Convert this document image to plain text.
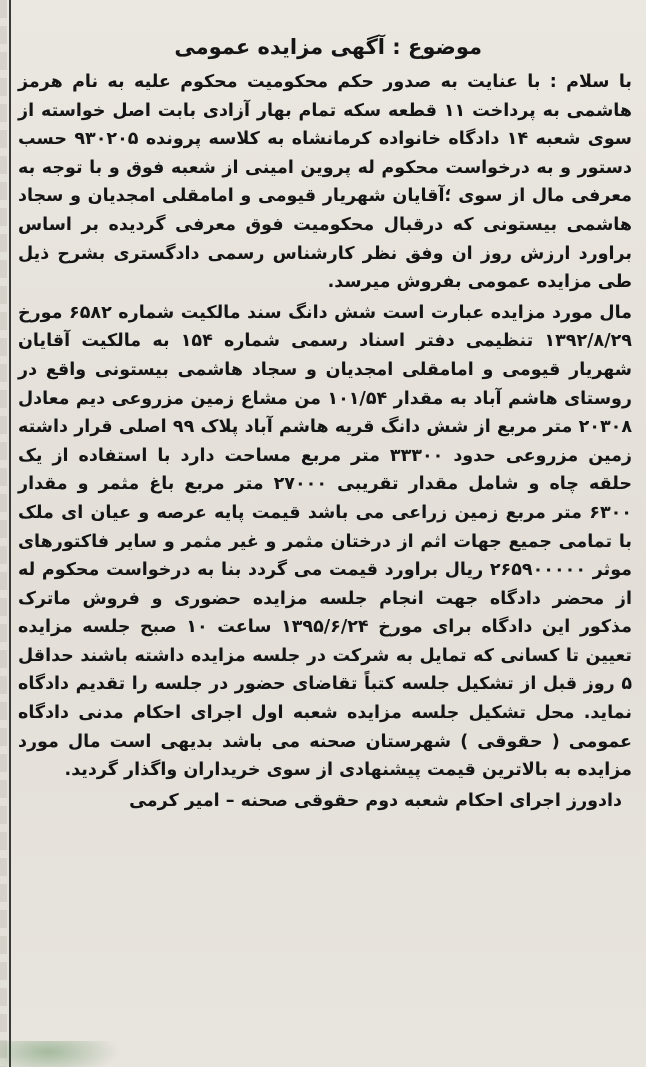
موضوع : آگهی مزایده عمومی

با سلام : با عنایت به صدور حکم محکومیت محکوم علیه به نام هرمز هاشمی به پرداخت ۱۱ قطعه سکه تمام بهار آزادی بابت اصل خواسته از سوی شعبه ۱۴ دادگاه خانواده کرمانشاه به کلاسه پرونده ۹۳۰۲۰۵ حسب دستور و به درخواست محکوم له پروین امینی از شعبه فوق و با توجه به معرفی مال از سوی ؛آقایان شهریار قیومی و امامقلی امجدیان و سجاد هاشمی بیستونی که درقبال محکومیت فوق معرفی گردیده بر اساس براورد ارزش روز ان وفق نظر کارشناس رسمی دادگستری بشرح ذیل طی مزایده عمومی بفروش میرسد.

مال مورد مزایده عبارت است شش دانگ سند مالکیت شماره ۶۵۸۲ مورخ ۱۳۹۲/۸/۲۹ تنظیمی دفتر اسناد رسمی شماره ۱۵۴ به مالکیت آقایان شهریار قیومی و امامقلی امجدیان و سجاد هاشمی بیستونی واقع در روستای هاشم آباد به مقدار ۱۰۱/۵۴ من مشاع زمین مزروعی دیم معادل ۲۰۳۰۸ متر مربع از شش دانگ قریه هاشم آباد پلاک ۹۹ اصلی قرار داشته زمین مزروعی حدود ۳۳۳۰۰ متر مربع مساحت دارد با استفاده از یک حلقه چاه و شامل مقدار تقریبی ۲۷۰۰۰ متر مربع باغ مثمر و مقدار ۶۳۰۰ متر مربع زمین زراعی می باشد قیمت پایه عرصه و عیان ای ملک با تمامی جمیع جهات اثم از درختان مثمر و غیر مثمر و سایر فاکتورهای موثر ۲۶۵۹۰۰۰۰۰ ریال براورد قیمت می گردد بنا به درخواست محکوم له از محضر دادگاه جهت انجام جلسه مزایده حضوری و فروش ماترک مذکور این دادگاه برای مورخ ۱۳۹۵/۶/۲۴ ساعت ۱۰ صبح جلسه مزایده تعیین تا کسانی که تمایل به شرکت در جلسه مزایده داشته باشند حداقل ۵ روز قبل از تشکیل جلسه کتباً تقاضای حضور در جلسه را تقدیم دادگاه نماید. محل تشکیل جلسه مزایده شعبه اول اجرای احکام مدنی دادگاه عمومی ( حقوقی ) شهرستان صحنه می باشد بدیهی است مال مورد مزایده به بالاترین قیمت پیشنهادی از سوی خریداران واگذار گردید.

دادورز اجرای احکام شعبه دوم حقوقی صحنه – امیر کرمی
